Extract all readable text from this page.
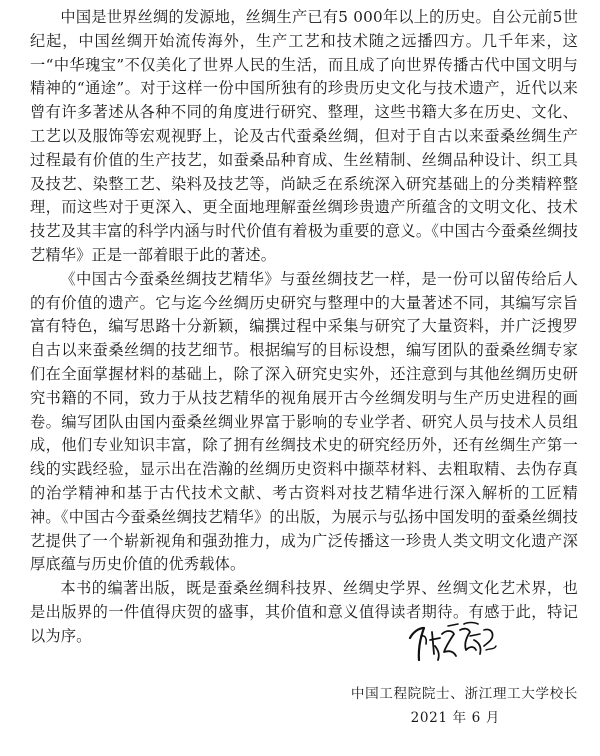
中国是世界丝绸的发源地，丝绸生产已有5 000年以上的历史。自公元前5世纪起，中国丝绸开始流传海外，生产工艺和技术随之远播四方。几千年来，这一“中华瑰宝”不仅美化了世界人民的生活，而且成了向世界传播古代中国文明与精神的“通途”。对于这样一份中国所独有的珍贵历史文化与技术遗产，近代以来曾有许多著述从各种不同的角度进行研究、整理，这些书籍大多在历史、文化、工艺以及服饰等宏观视野上，论及古代蚕桑丝绸，但对于自古以来蚕桑丝绸生产过程最有价值的生产技艺，如蚕桑品种育成、生丝精制、丝绸品种设计、织工具及技艺、染整工艺、染料及技艺等，尚缺乏在系统深入研究基础上的分类精粹整理，而这些对于更深入、更全面地理解蚕丝绸珍贵遗产所蕴含的文明文化、技术技艺及其丰富的科学内涵与时代价值有着极为重要的意义。《中国古今蚕桑丝绸技艺精华》正是一部着眼于此的著述。

《中国古今蚕桑丝绸技艺精华》与蚕丝绸技艺一样，是一份可以留传给后人的有价值的遗产。它与迄今丝绸历史研究与整理中的大量著述不同，其编写宗旨富有特色，编写思路十分新颖，编撰过程中采集与研究了大量资料，并广泛搜罗自古以来蚕桑丝绸的技艺细节。根据编写的目标设想，编写团队的蚕桑丝绸专家们在全面掌握材料的基础上，除了深入研究史实外，还注意到与其他丝绸历史研究书籍的不同，致力于从技艺精华的视角展开古今丝绸发明与生产历史进程的画卷。编写团队由国内蚕桑丝绸业界富于影响的专业学者、研究人员与技术人员组成，他们专业知识丰富，除了拥有丝绸技术史的研究经历外，还有丝绸生产第一线的实践经验，显示出在浩瀚的丝绸历史资料中撷萃材料、去粗取精、去伪存真的治学精神和基于古代技术文献、考古资料对技艺精华进行深入解析的工匠精神。《中国古今蚕桑丝绸技艺精华》的出版，为展示与弘扬中国发明的蚕桑丝绸技艺提供了一个崭新视角和强劲推力，成为广泛传播这一珍贵人类文明文化遗产深厚底蕴与历史价值的优秀载体。

本书的编著出版，既是蚕桑丝绸科技界、丝绸史学界、丝绸文化艺术界，也是出版界的一件值得庆贺的盛事，其价值和意义值得读者期待。有感于此，特记以为序。

中国工程院院士、浙江理工大学校长
2021 年 6 月
